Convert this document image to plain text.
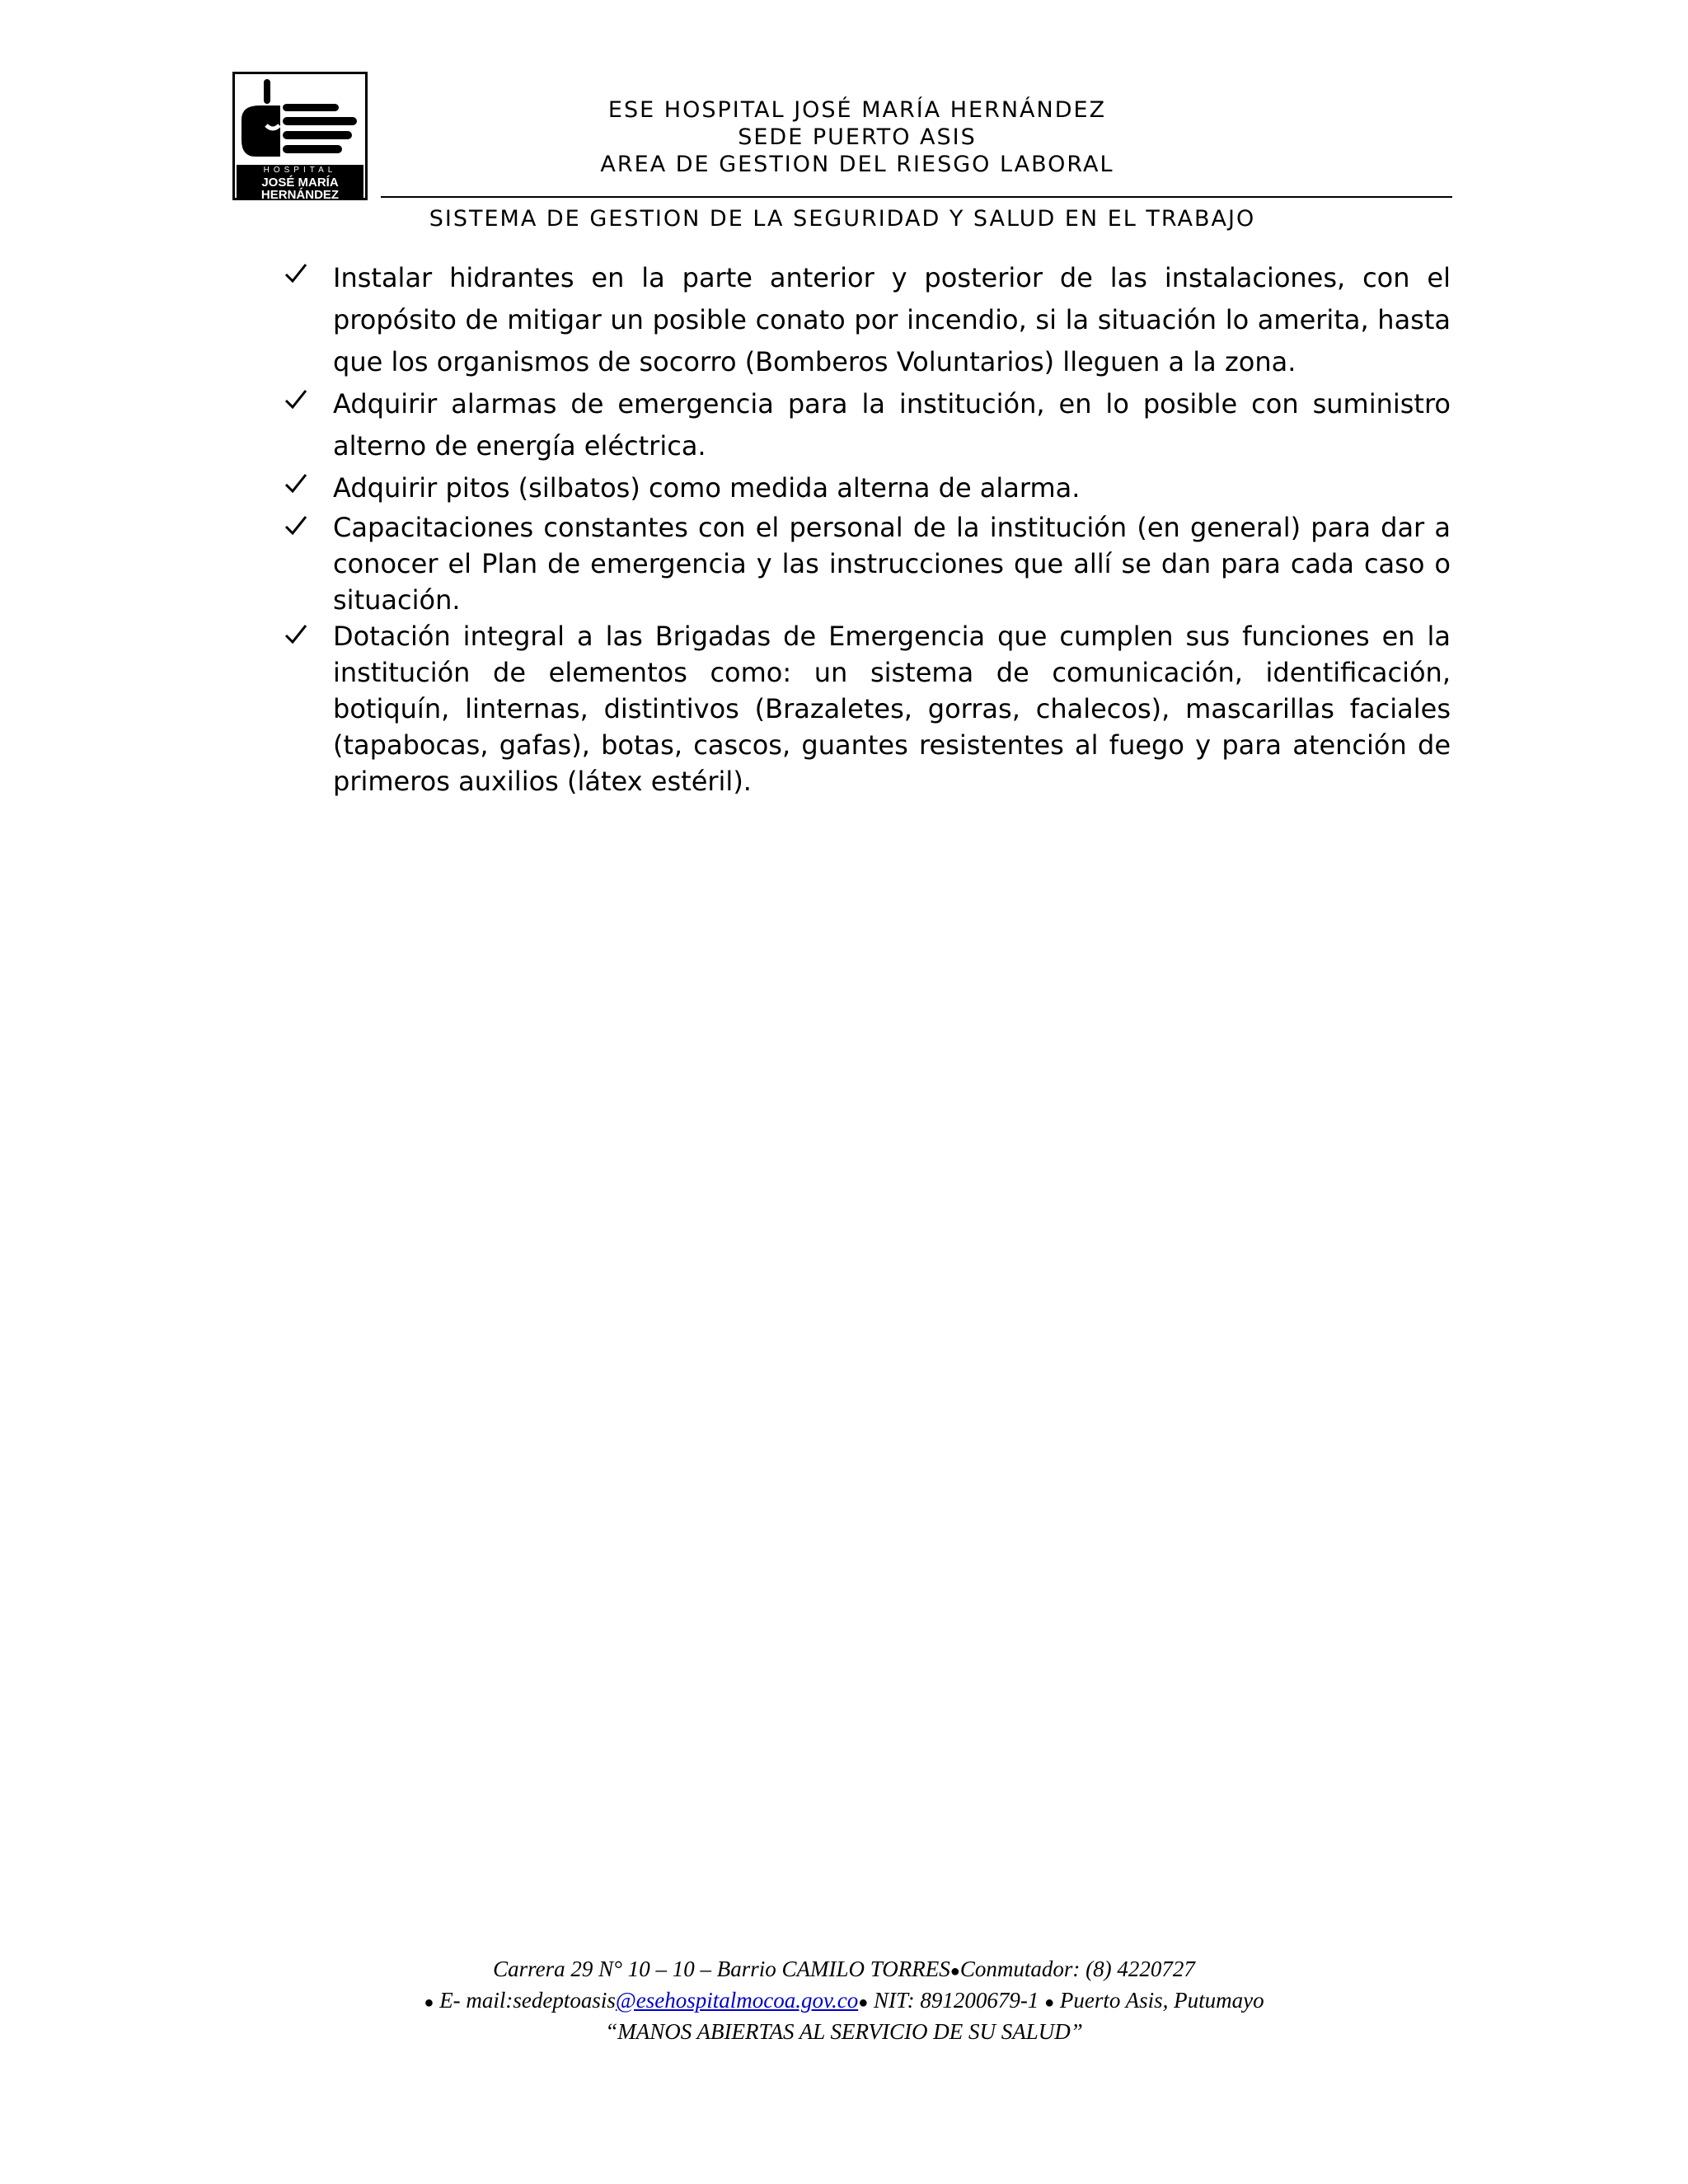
HOSPITAL
JOSÉ MARÍA HERNÁNDEZ
EMPRESA SOCIAL DEL ESTADO
ESE HOSPITAL JOSÉ MARÍA HERNÁNDEZ
SEDE PUERTO ASIS
AREA DE GESTION DEL RIESGO LABORAL
SISTEMA DE GESTION DE LA SEGURIDAD Y SALUD EN EL TRABAJO

Instalar hidrantes en la parte anterior y posterior de las instalaciones, con el propósito de mitigar un posible conato por incendio, si la situación lo amerita, hasta que los organismos de socorro (Bomberos Voluntarios) lleguen a la zona.

Adquirir alarmas de emergencia para la institución, en lo posible con suministro alterno de energía eléctrica.

Adquirir pitos (silbatos) como medida alterna de alarma.

Capacitaciones constantes con el personal de la institución (en general) para dar a conocer el Plan de emergencia y las instrucciones que allí se dan para cada caso o situación.

Dotación integral a las Brigadas de Emergencia que cumplen sus funciones en la institución de elementos como: un sistema de comunicación, identificación, botiquín, linternas, distintivos (Brazaletes, gorras, chalecos), mascarillas faciales (tapabocas, gafas), botas, cascos, guantes resistentes al fuego y para atención de primeros auxilios (látex estéril).

Carrera 29 N° 10 – 10 – Barrio CAMILO TORRES●Conmutador: (8) 4220727
● E- mail:sedeptoasis@esehospitalmocoa.gov.co● NIT: 891200679-1 ● Puerto Asis, Putumayo
“MANOS ABIERTAS AL SERVICIO DE SU SALUD”
